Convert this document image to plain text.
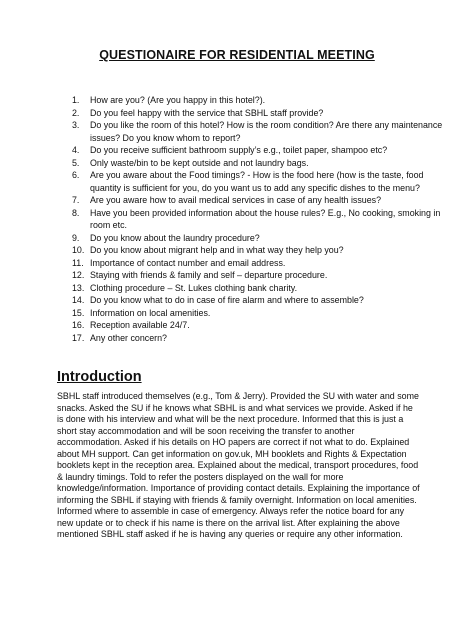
QUESTIONAIRE FOR RESIDENTIAL MEETING
1. How are you? (Are you happy in this hotel?).
2. Do you feel happy with the service that SBHL staff provide?
3. Do you like the room of this hotel? How is the room condition? Are there any maintenance issues? Do you know whom to report?
4. Do you receive sufficient bathroom supply’s e.g., toilet paper, shampoo etc?
5. Only waste/bin to be kept outside and not laundry bags.
6. Are you aware about the Food timings? - How is the food here (how is the taste, food quantity is sufficient for you, do you want us to add any specific dishes to the menu?
7. Are you aware how to avail medical services in case of any health issues?
8. Have you been provided information about the house rules? E.g., No cooking, smoking in room etc.
9. Do you know about the laundry procedure?
10. Do you know about migrant help and in what way they help you?
11. Importance of contact number and email address.
12. Staying with friends & family and self – departure procedure.
13. Clothing procedure – St. Lukes clothing bank charity.
14. Do you know what to do in case of fire alarm and where to assemble?
15. Information on local amenities.
16. Reception available 24/7.
17. Any other concern?
Introduction

SBHL staff introduced themselves (e.g., Tom & Jerry). Provided the SU with water and some snacks. Asked the SU if he knows what SBHL is and what services we provide. Asked if he is done with his interview and what will be the next procedure. Informed that this is just a short stay accommodation and will be soon receiving the transfer to another accommodation. Asked if his details on HO papers are correct if not what to do. Explained about MH support. Can get information on gov.uk, MH booklets and Rights & Expectation booklets kept in the reception area. Explained about the medical, transport procedures, food & laundry timings. Told to refer the posters displayed on the wall for more knowledge/information. Importance of providing contact details. Explaining the importance of informing the SBHL if staying with friends & family overnight. Information on local amenities. Informed where to assemble in case of emergency. Always refer the notice board for any new update or to check if his name is there on the arrival list. After explaining the above mentioned SBHL staff asked if he is having any queries or require any other information.
